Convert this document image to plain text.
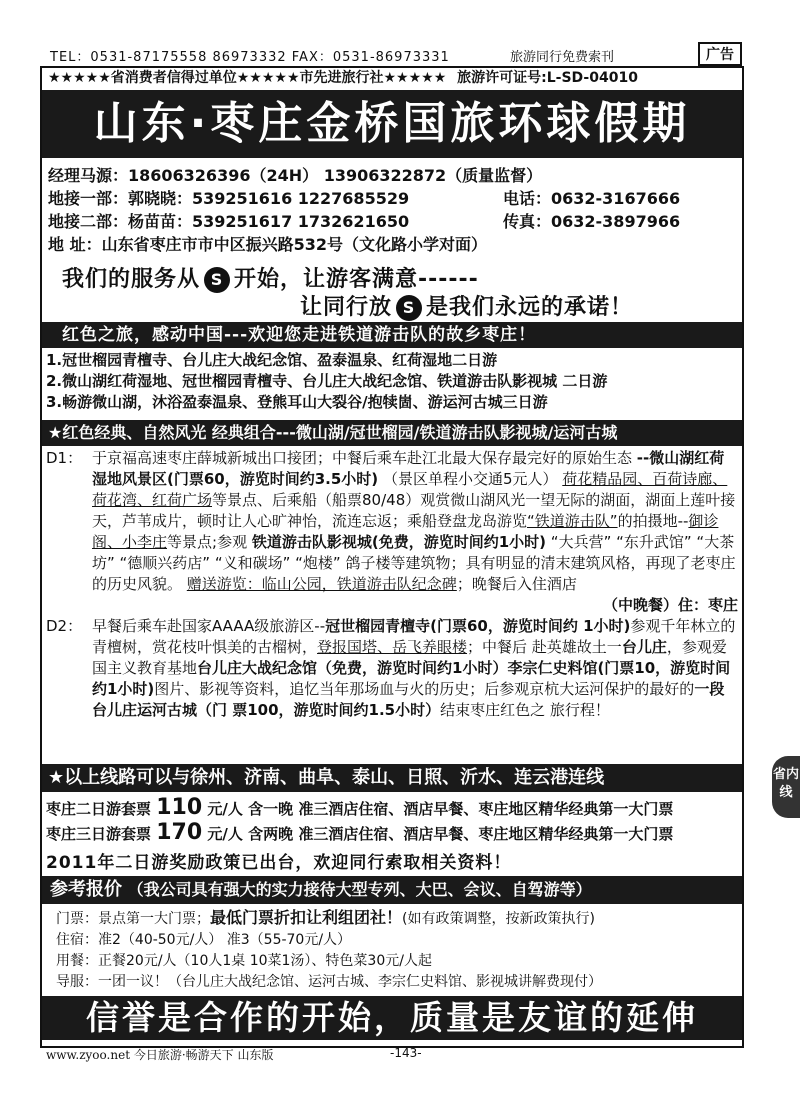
TEL：0531-87175558 86973332 FAX：0531-86973331	旅游同行免费索刊	广告
★★★★★省消费者信得过单位★★★★★市先进旅行社★★★★★ 旅游许可证号:L-SD-04010
山东·枣庄金桥国旅环球假期
经理马源：18606326396（24H） 13906322872（质量监督）
地接一部：郭晓晓：539251616 1227685529	电话：0632-3167666
地接二部：杨苗苗：539251617 1732621650	传真：0632-3897966
地 址：山东省枣庄市市中区振兴路532号（文化路小学对面）
我们的服务从 S 开始，让游客满意------
让同行放 S 是我们永远的承诺！
红色之旅，感动中国---欢迎您走进铁道游击队的故乡枣庄！
1.冠世榴园青檀寺、台儿庄大战纪念馆、盈泰温泉、红荷湿地二日游
2.微山湖红荷湿地、冠世榴园青檀寺、台儿庄大战纪念馆、铁道游击队影视城 二日游
3.畅游微山湖，沐浴盈泰温泉、登熊耳山大裂谷/抱犊崮、游运河古城三日游
★红色经典、自然风光 经典组合---微山湖/冠世榴园/铁道游击队影视城/运河古城
D1： 于京福高速枣庄薛城新城出口接团；中餐后乘车赴江北最大保存最完好的原始生态 --微山湖红荷湿地风景区(门票60，游览时间约3.5小时) （景区单程小交通5元人） 荷花精品园、百荷诗廊、荷花湾、红荷广场等景点、后乘船（船票80/48）观赏微山湖风光一望无际的湖面，湖面上莲叶接天，芦苇成片，顿时让人心旷神怡，流连忘返；乘船登盘龙岛游览“铁道游击队”的拍摄地--御诊阁、小李庄等景点;参观 铁道游击队影视城(免费，游览时间约1小时) “大兵营” “东升武馆” “大茶坊” “德顺兴药店” “义和碳场” “炮楼” 鸽子楼等建筑物；具有明显的清末建筑风格，再现了老枣庄的历史风貌。 赠送游览：临山公园，铁道游击队纪念碑；晚餐后入住酒店
（中晚餐）住：枣庄
D2： 早餐后乘车赴国家AAAA级旅游区--冠世榴园青檀寺(门票60，游览时间约 1小时)参观千年林立的青檀树，赏花枝叶惧美的古榴树，登报国塔、岳飞养眼楼；中餐后 赴英雄故土一台儿庄，参观爱国主义教育基地台儿庄大战纪念馆（免费，游览时间约1小时）李宗仁史料馆(门票10，游览时间约1小时)图片、影视等资料，追忆当年那场血与火的历史；后参观京杭大运河保护的最好的一段台儿庄运河古城（门 票100，游览时间约1.5小时）结束枣庄红色之 旅行程！
★以上线路可以与徐州、济南、曲阜、泰山、日照、沂水、连云港连线
枣庄二日游套票 110 元/人 含一晚 准三酒店住宿、酒店早餐、枣庄地区精华经典第一大门票
枣庄三日游套票 170 元/人 含两晚 准三酒店住宿、酒店早餐、枣庄地区精华经典第一大门票
2011年二日游奖励政策已出台，欢迎同行索取相关资料！
参考报价 （我公司具有强大的实力接待大型专列、大巴、会议、自驾游等）
门票：景点第一大门票；最低门票折扣让利组团社！(如有政策调整，按新政策执行)
住宿：准2（40-50元/人） 准3（55-70元/人）
用餐：正餐20元/人（10人1桌 10菜1汤）、特色菜30元/人起
导服：一团一议！（台儿庄大战纪念馆、运河古城、李宗仁史料馆、影视城讲解费现付）
信誉是合作的开始，质量是友谊的延伸
省内线
www.zyoo.net 今日旅游·畅游天下 山东版	-143-
